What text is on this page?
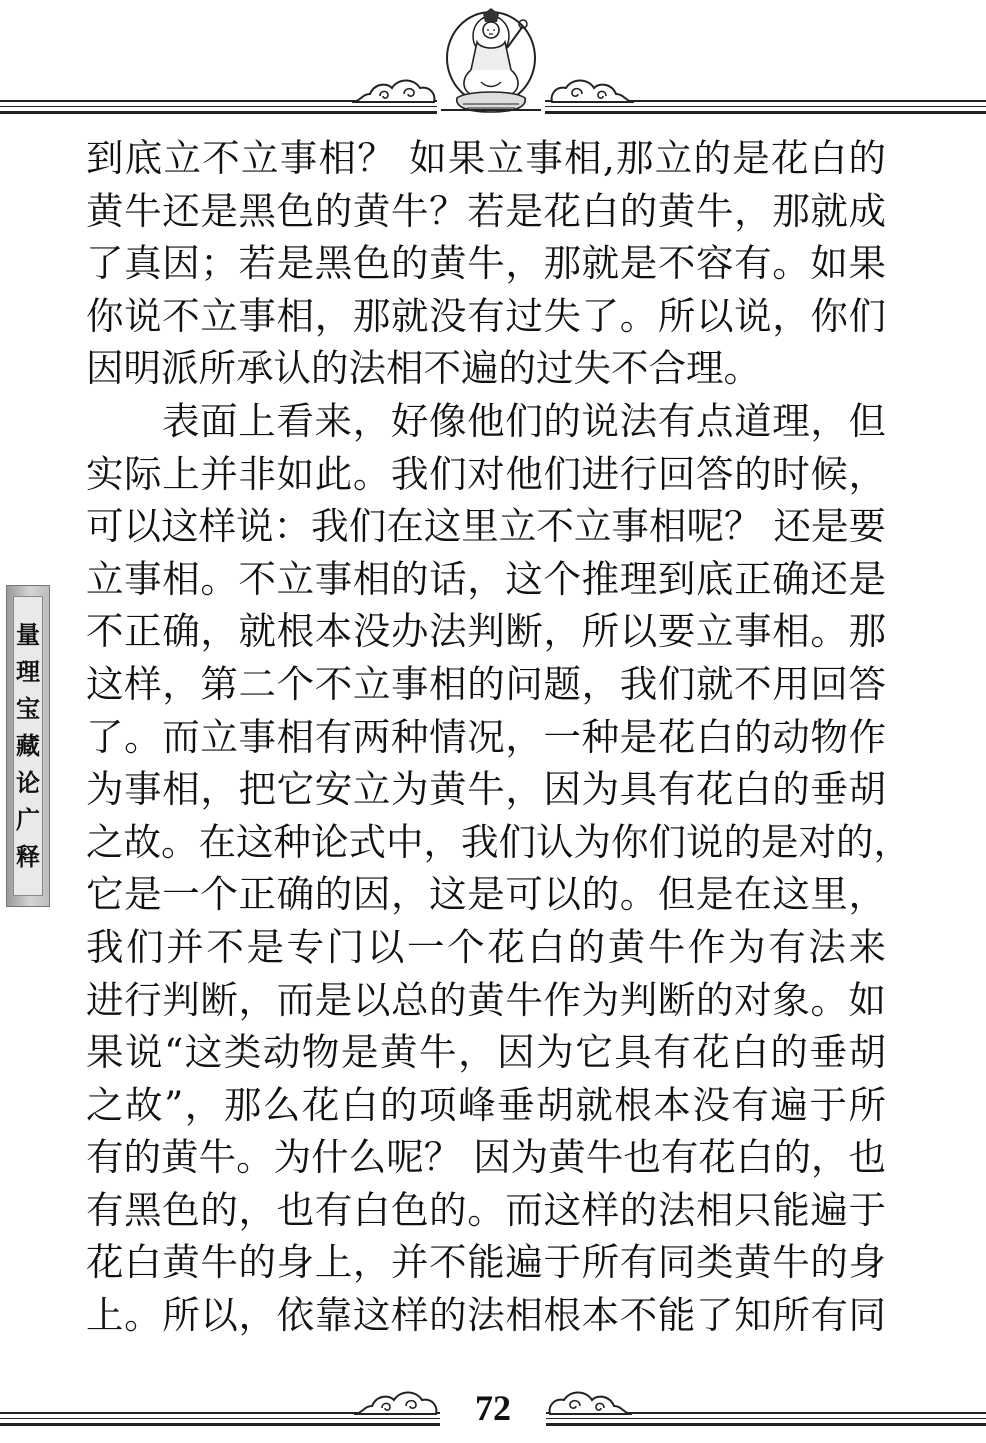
量
理
宝
藏
论
广
释
到底立不立事相？ 如果立事相,那立的是花白的
黄牛还是黑色的黄牛？若是花白的黄牛，那就成
了真因；若是黑色的黄牛，那就是不容有。如果
你说不立事相，那就没有过失了。所以说，你们
因明派所承认的法相不遍的过失不合理。
表面上看来，好像他们的说法有点道理，但
实际上并非如此。我们对他们进行回答的时候，
可以这样说：我们在这里立不立事相呢？ 还是要
立事相。不立事相的话，这个推理到底正确还是
不正确，就根本没办法判断，所以要立事相。那
这样，第二个不立事相的问题，我们就不用回答
了。而立事相有两种情况，一种是花白的动物作
为事相，把它安立为黄牛，因为具有花白的垂胡
之故。在这种论式中，我们认为你们说的是对的，
它是一个正确的因，这是可以的。但是在这里，
我们并不是专门以一个花白的黄牛作为有法来
进行判断，而是以总的黄牛作为判断的对象。如
果说“这类动物是黄牛，因为它具有花白的垂胡
之故”，那么花白的项峰垂胡就根本没有遍于所
有的黄牛。为什么呢？ 因为黄牛也有花白的，也
有黑色的，也有白色的。而这样的法相只能遍于
花白黄牛的身上，并不能遍于所有同类黄牛的身
上。所以，依靠这样的法相根本不能了知所有同
72
